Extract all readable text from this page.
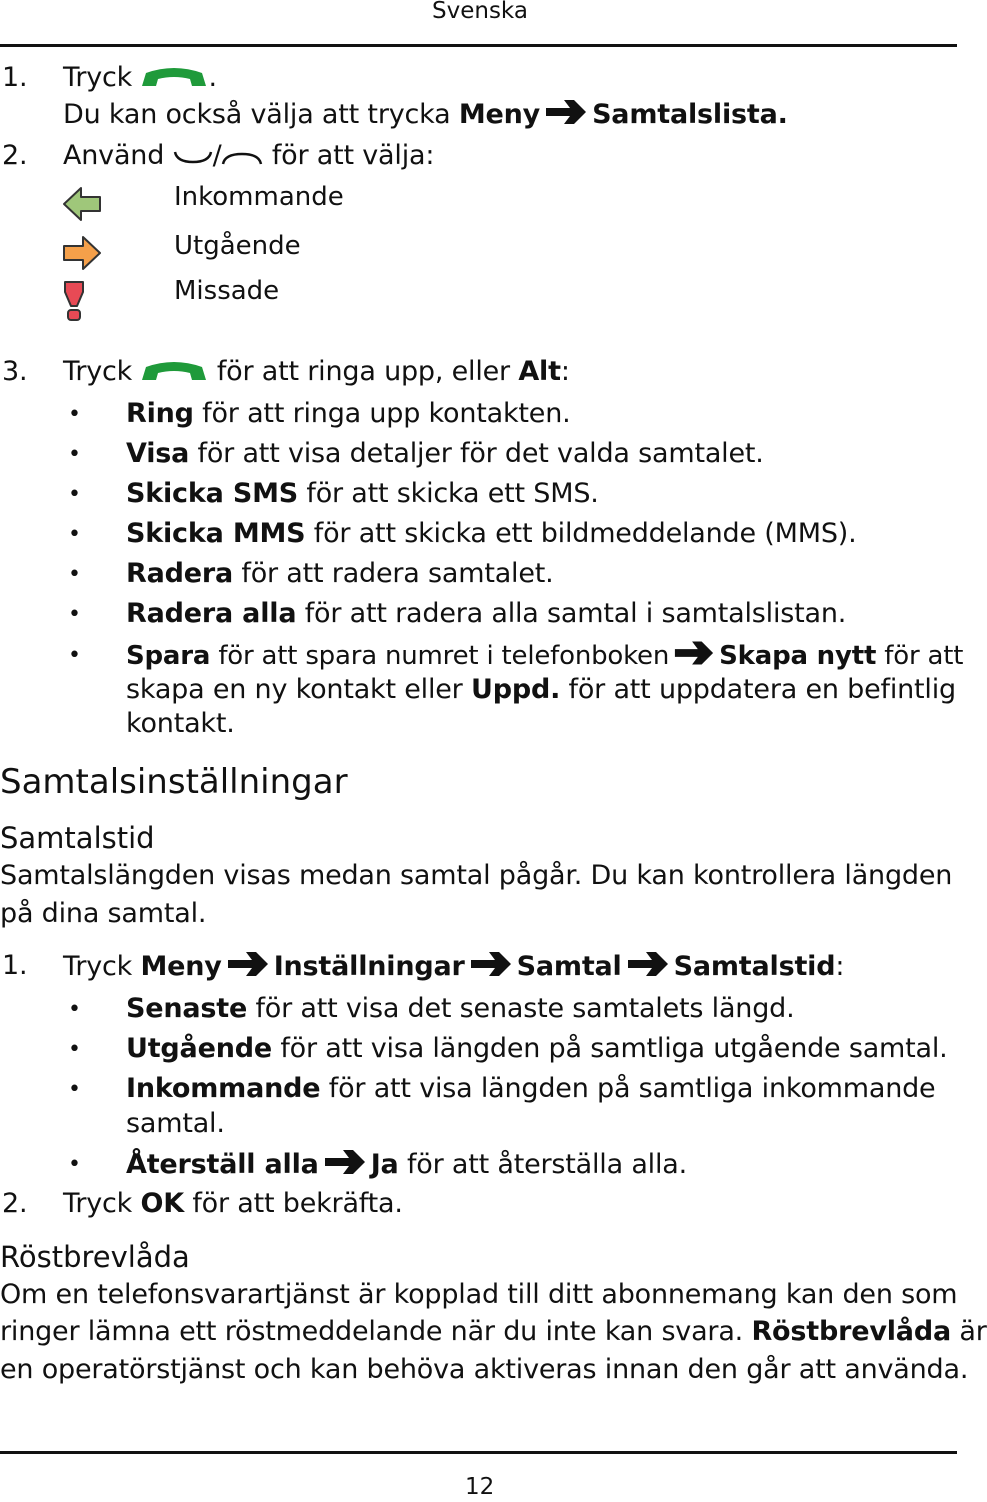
Svenska
1. Tryck	.
Du kan också välja att trycka Meny Samtalslista.
2. Använd / för att välja:
Inkommande
Utgående
Missade
3. Tryck	för att ringa upp, eller Alt:
• Ring för att ringa upp kontakten.
• Visa för att visa detaljer för det valda samtalet.
• Skicka SMS för att skicka ett SMS.
• Skicka MMS för att skicka ett bildmeddelande (MMS).
• Radera för att radera samtalet.
• Radera alla för att radera alla samtal i samtalslistan.
• Spara för att spara numret i telefonboken Skapa nytt för att
skapa en ny kontakt eller Uppd. för att uppdatera en befintlig
kontakt.
Samtalsinställningar
Samtalstid
Samtalslängden visas medan samtal pågår. Du kan kontrollera längden
på dina samtal.
1. Tryck Meny Inställningar Samtal Samtalstid:
• Senaste för att visa det senaste samtalets längd.
• Utgående för att visa längden på samtliga utgående samtal.
• Inkommande för att visa längden på samtliga inkommande
samtal.
• Återställ alla Ja för att återställa alla.
2. Tryck OK för att bekräfta.
Röstbrevlåda
Om en telefonsvarartjänst är kopplad till ditt abonnemang kan den som
ringer lämna ett röstmeddelande när du inte kan svara. Röstbrevlåda är
en operatörstjänst och kan behöva aktiveras innan den går att använda.
12
